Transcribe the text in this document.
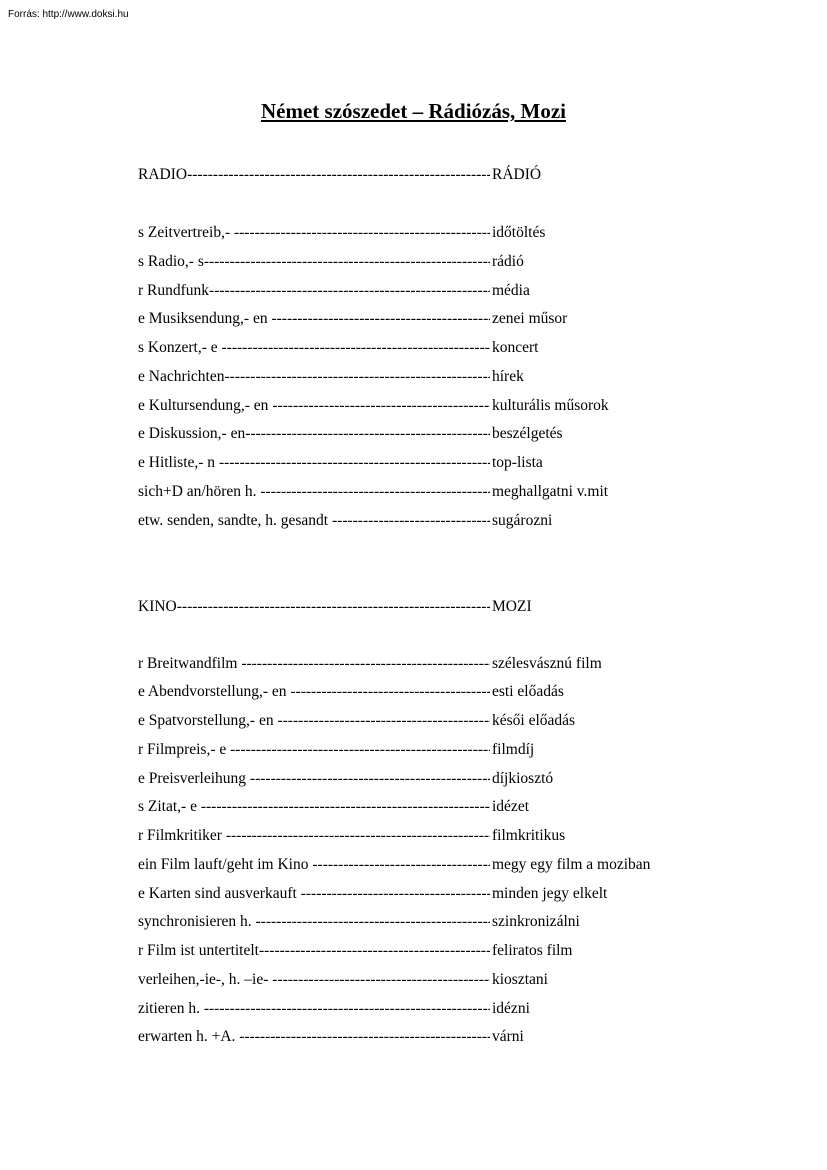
Forrás: http://www.doksi.hu
Német szószedet – Rádiózás, Mozi
RADIO -----	RÁDIÓ
s Zeitvertreib,- -----	időtöltés
s Radio,- s -----	rádió
r Rundfunk -----	média
e Musiksendung,- en -----	zenei műsor
s Konzert,- e -----	koncert
e Nachrichten -----	hírek
e Kultursendung,- en -----	kulturális műsorok
e Diskussion,- en -----	beszélgetés
e Hitliste,- n -----	top-lista
sich+D an/hören h. -----	meghallgatni v.mit
etw. senden, sandte, h. gesandt -----	sugározni
KINO -----	MOZI
r Breitwandfilm -----	szélesvásznú film
e Abendvorstellung,- en -----	esti előadás
e Spatvorstellung,- en -----	késői előadás
r Filmpreis,- e -----	filmdíj
e Preisverleihung -----	díjkiosztó
s Zitat,- e -----	idézet
r Filmkritiker -----	filmkritikus
ein Film lauft/geht im Kino -----	megy egy film a moziban
e Karten sind ausverkauft -----	minden jegy elkelt
synchronisieren h. -----	szinkronizálni
r Film ist untertitelt -----	feliratos film
verleihen,-ie-, h. –ie- -----	kiosztani
zitieren h. -----	idézni
erwarten h. +A. -----	várni
